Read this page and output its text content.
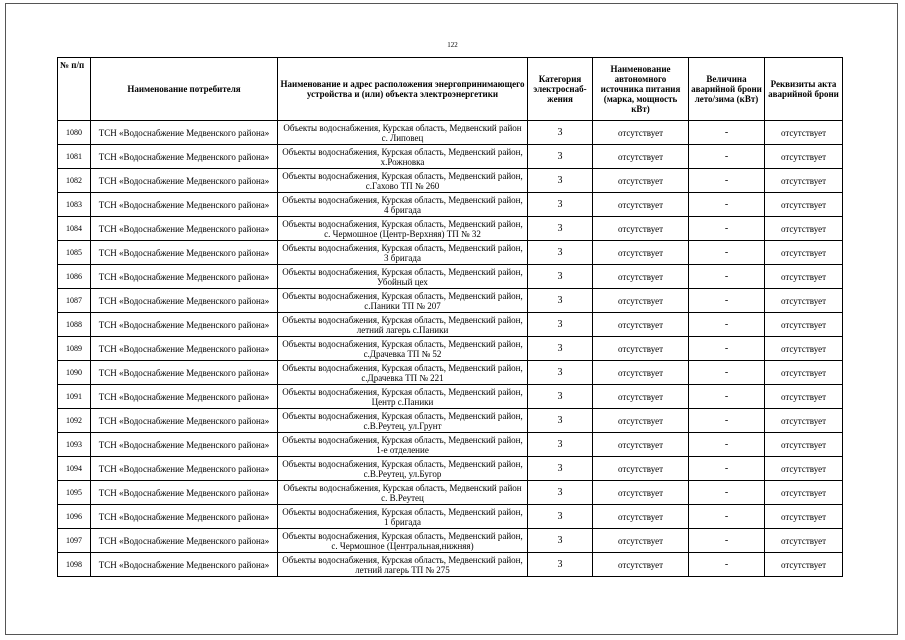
122
№ п/п	Наименование потребителя	Наименование и адрес расположения энергопринимающего устройства и (или) объекта электроэнергетики	Категория электроснаб-жения	Наименование автономного источника питания (марка, мощность кВт)	Величина аварийной брони лето/зима (кВт)	Реквизиты акта аварийной брони
1080	ТСН «Водоснабжение Медвенского района»	Объекты водоснабжения, Курская область, Медвенский район с. Липовец	3	отсутствует	-	отсутствует
1081	ТСН «Водоснабжение Медвенского района»	Объекты водоснабжения, Курская область, Медвенский район, х.Рожновка	3	отсутствует	-	отсутствует
1082	ТСН «Водоснабжение Медвенского района»	Объекты водоснабжения, Курская область, Медвенский район, с.Гахово ТП № 260	3	отсутствует	-	отсутствует
1083	ТСН «Водоснабжение Медвенского района»	Объекты водоснабжения, Курская область, Медвенский район, 4 бригада	3	отсутствует	-	отсутствует
1084	ТСН «Водоснабжение Медвенского района»	Объекты водоснабжения, Курская область, Медвенский район, с. Чермошное (Центр-Верхняя) ТП № 32	3	отсутствует	-	отсутствует
1085	ТСН «Водоснабжение Медвенского района»	Объекты водоснабжения, Курская область, Медвенский район, 3 бригада	3	отсутствует	-	отсутствует
1086	ТСН «Водоснабжение Медвенского района»	Объекты водоснабжения, Курская область, Медвенский район, Убойный цех	3	отсутствует	-	отсутствует
1087	ТСН «Водоснабжение Медвенского района»	Объекты водоснабжения, Курская область, Медвенский район, с.Паники ТП № 207	3	отсутствует	-	отсутствует
1088	ТСН «Водоснабжение Медвенского района»	Объекты водоснабжения, Курская область, Медвенский район, летний лагерь с.Паники	3	отсутствует	-	отсутствует
1089	ТСН «Водоснабжение Медвенского района»	Объекты водоснабжения, Курская область, Медвенский район, с.Драчевка ТП № 52	3	отсутствует	-	отсутствует
1090	ТСН «Водоснабжение Медвенского района»	Объекты водоснабжения, Курская область, Медвенский район, с.Драчевка ТП № 221	3	отсутствует	-	отсутствует
1091	ТСН «Водоснабжение Медвенского района»	Объекты водоснабжения, Курская область, Медвенский район, Центр с.Паники	3	отсутствует	-	отсутствует
1092	ТСН «Водоснабжение Медвенского района»	Объекты водоснабжения, Курская область, Медвенский район, с.В.Реутец, ул.Грунт	3	отсутствует	-	отсутствует
1093	ТСН «Водоснабжение Медвенского района»	Объекты водоснабжения, Курская область, Медвенский район, 1-е отделение	3	отсутствует	-	отсутствует
1094	ТСН «Водоснабжение Медвенского района»	Объекты водоснабжения, Курская область, Медвенский район, с.В.Реутец, ул.Бугор	3	отсутствует	-	отсутствует
1095	ТСН «Водоснабжение Медвенского района»	Объекты водоснабжения, Курская область, Медвенский район с. В.Реутец	3	отсутствует	-	отсутствует
1096	ТСН «Водоснабжение Медвенского района»	Объекты водоснабжения, Курская область, Медвенский район, 1 бригада	3	отсутствует	-	отсутствует
1097	ТСН «Водоснабжение Медвенского района»	Объекты водоснабжения, Курская область, Медвенский район, с. Чермошное (Центральная,нижняя)	3	отсутствует	-	отсутствует
1098	ТСН «Водоснабжение Медвенского района»	Объекты водоснабжения, Курская область, Медвенский район, летний лагерь ТП № 275	3	отсутствует	-	отсутствует
